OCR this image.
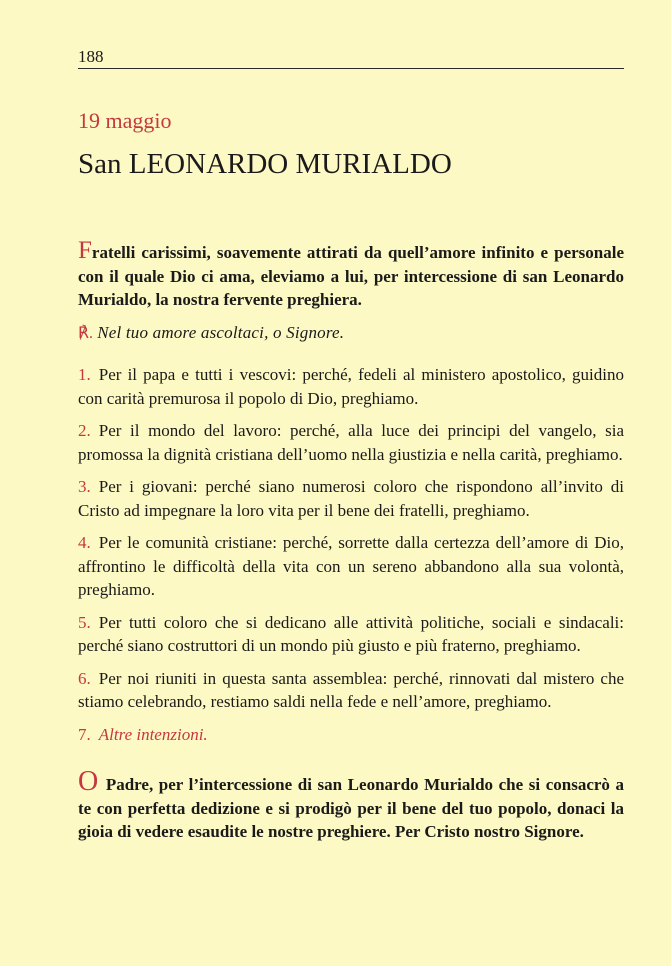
188
19 maggio
San LEONARDO MURIALDO

Fratelli carissimi, soavemente attirati da quell’amore infinito e personale con il quale Dio ci ama, eleviamo a lui, per intercessione di san Leonardo Murialdo, la nostra fervente preghiera.

℟. Nel tuo amore ascoltaci, o Signore.

1. Per il papa e tutti i vescovi: perché, fedeli al ministero apostolico, guidino con carità premurosa il popolo di Dio, preghiamo.

2. Per il mondo del lavoro: perché, alla luce dei principi del vangelo, sia promossa la dignità cristiana dell’uomo nella giustizia e nella carità, preghiamo.

3. Per i giovani: perché siano numerosi coloro che rispondono all’invito di Cristo ad impegnare la loro vita per il bene dei fratelli, preghiamo.

4. Per le comunità cristiane: perché, sorrette dalla certezza dell’amore di Dio, affrontino le difficoltà della vita con un sereno abbandono alla sua volontà, preghiamo.

5. Per tutti coloro che si dedicano alle attività politiche, sociali e sindacali: perché siano costruttori di un mondo più giusto e più fraterno, preghiamo.

6. Per noi riuniti in questa santa assemblea: perché, rinnovati dal mistero che stiamo celebrando, restiamo saldi nella fede e nell’amore, preghiamo.

7. Altre intenzioni.

O Padre, per l’intercessione di san Leonardo Murialdo che si consacrò a te con perfetta dedizione e si prodigò per il bene del tuo popolo, donaci la gioia di vedere esaudite le nostre preghiere. Per Cristo nostro Signore.
